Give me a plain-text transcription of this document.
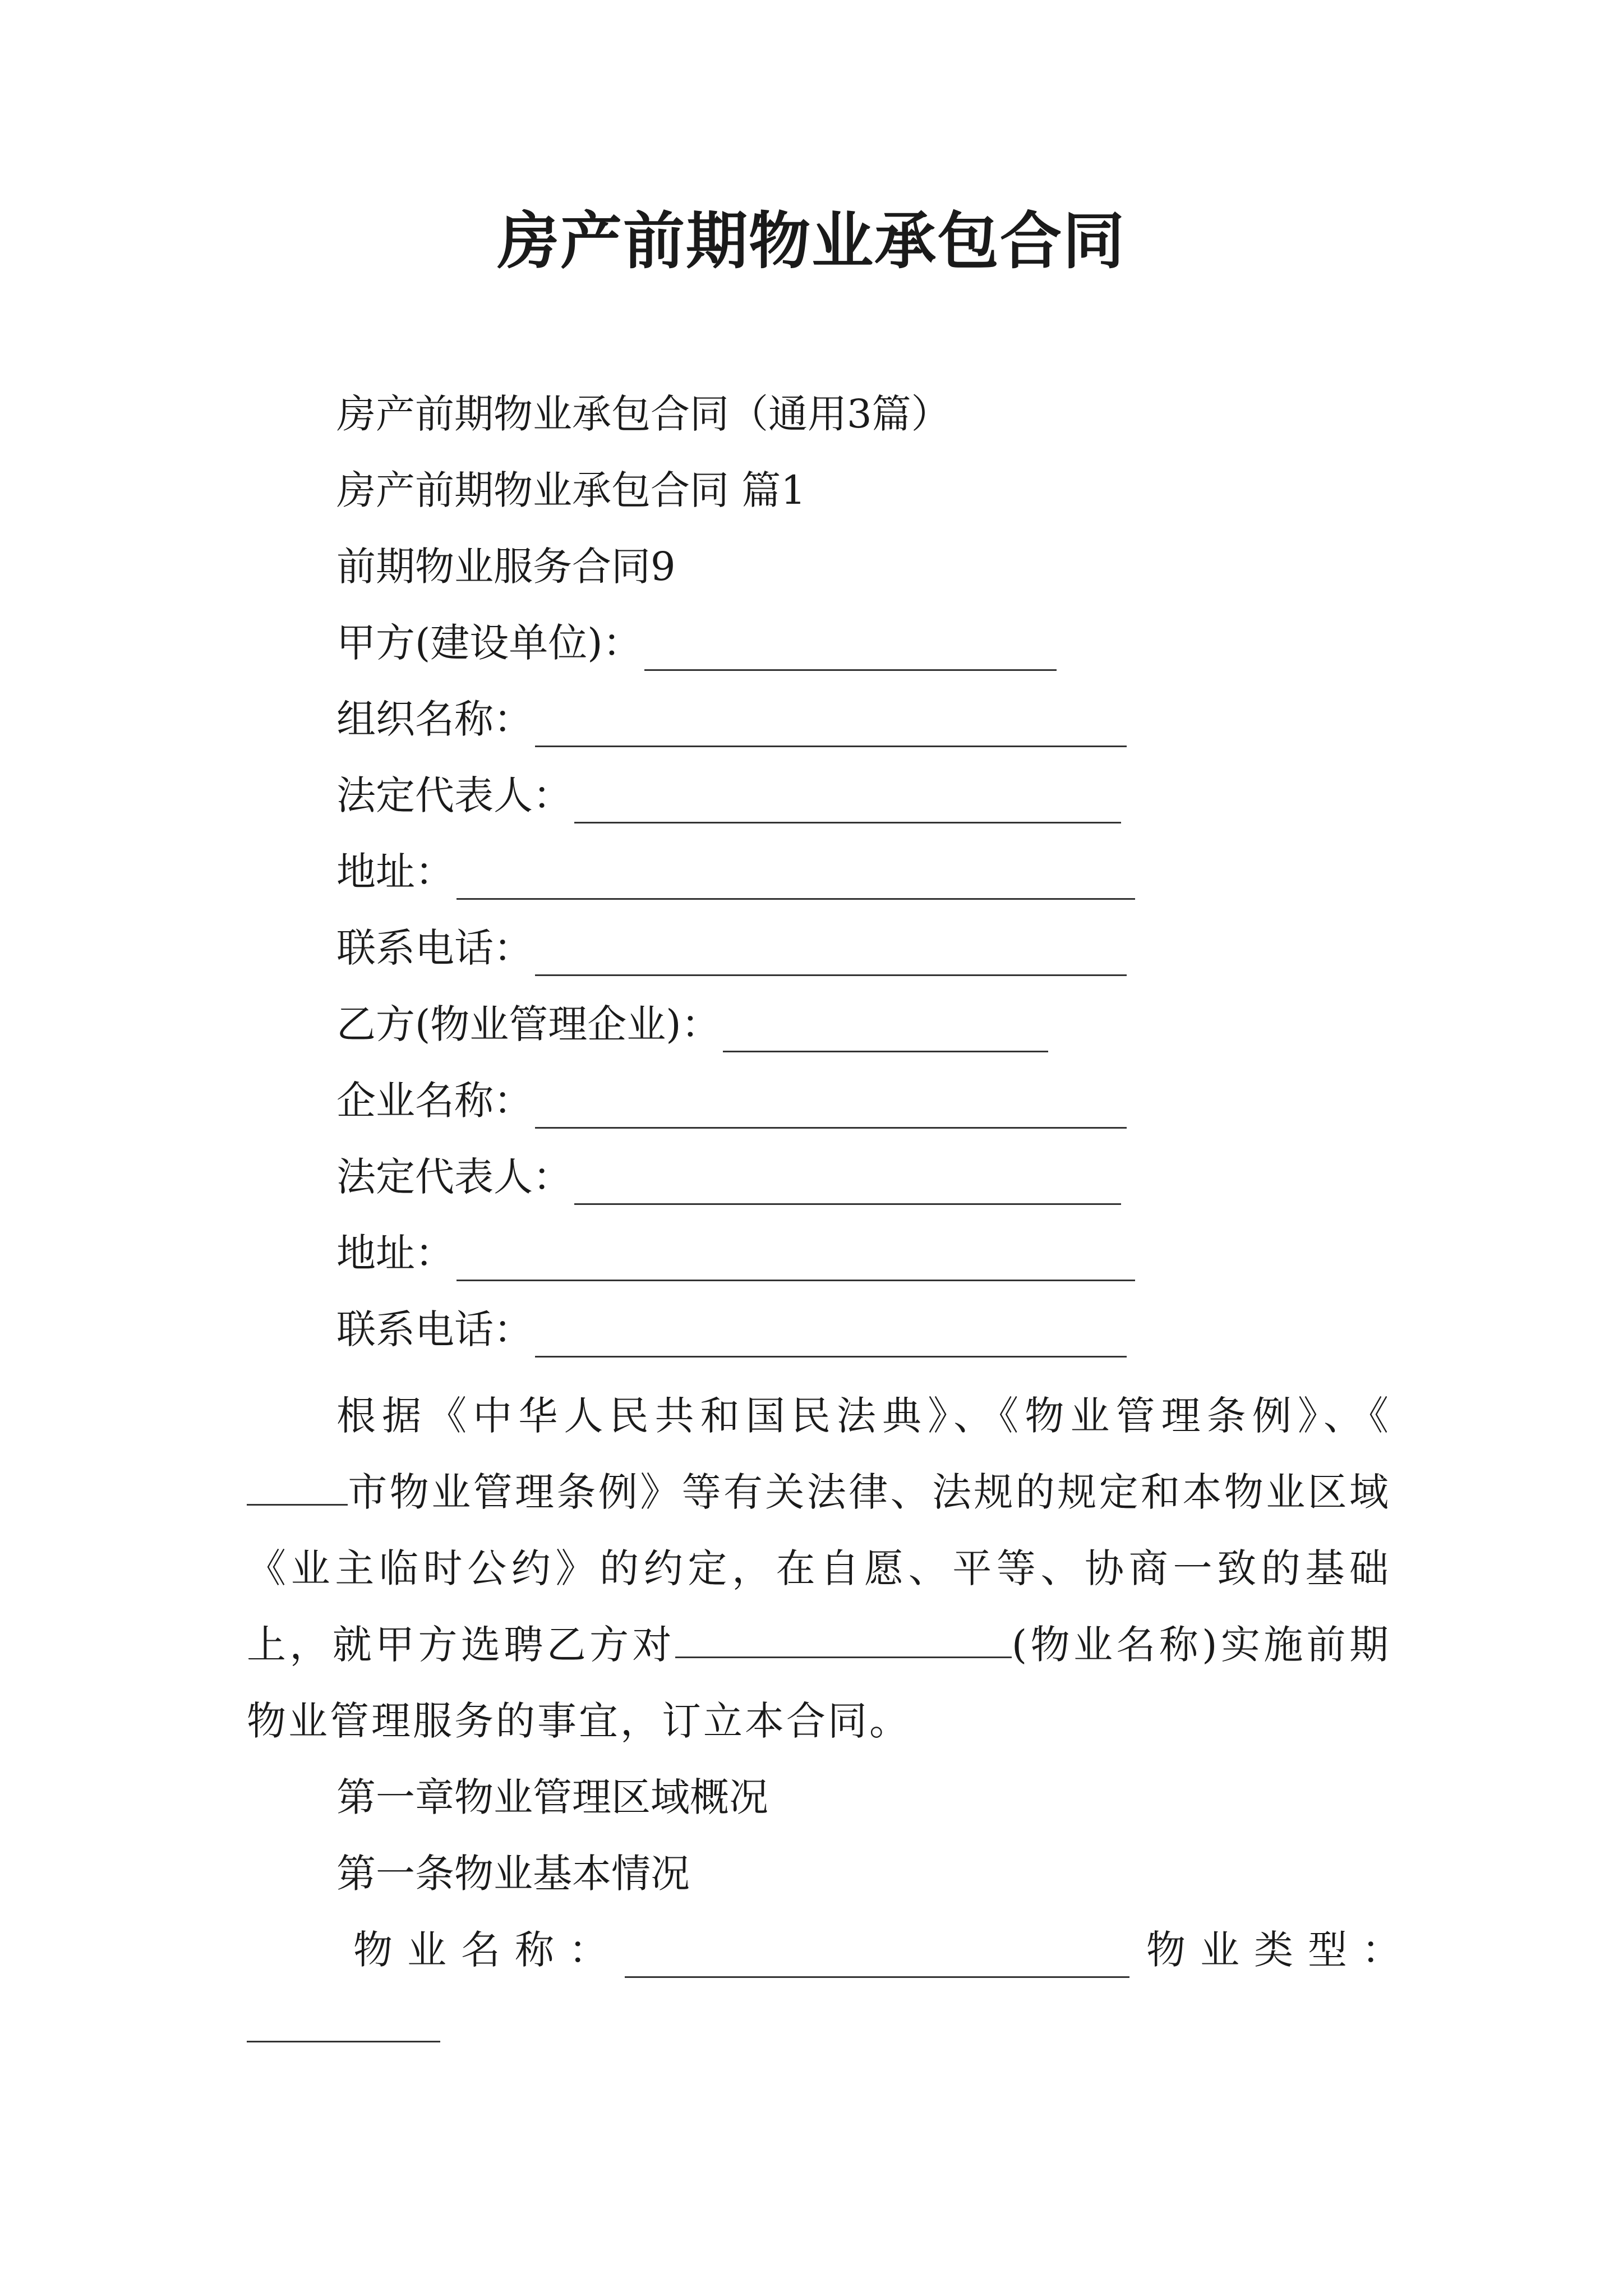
房产前期物业承包合同
房产前期物业承包合同（通用3篇）
房产前期物业承包合同 篇1
前期物业服务合同9
甲方(建设单位)：
组织名称：
法定代表人：
地址：
联系电话：
乙方(物业管理企业)：
企业名称：
法定代表人：
地址：
联系电话：
根据《中华人民共和国民法典》、《物业管理条例》、《市物业管理条例》等有关法律、法规的规定和本物业区域《业主临时公约》的约定，在自愿、平等、协商一致的基础上，就甲方选聘乙方对	(物业名称)实施前期物业管理服务的事宜，订立本合同。
第一章物业管理区域概况
第一条物业基本情况
物业名称：	物业类型：
